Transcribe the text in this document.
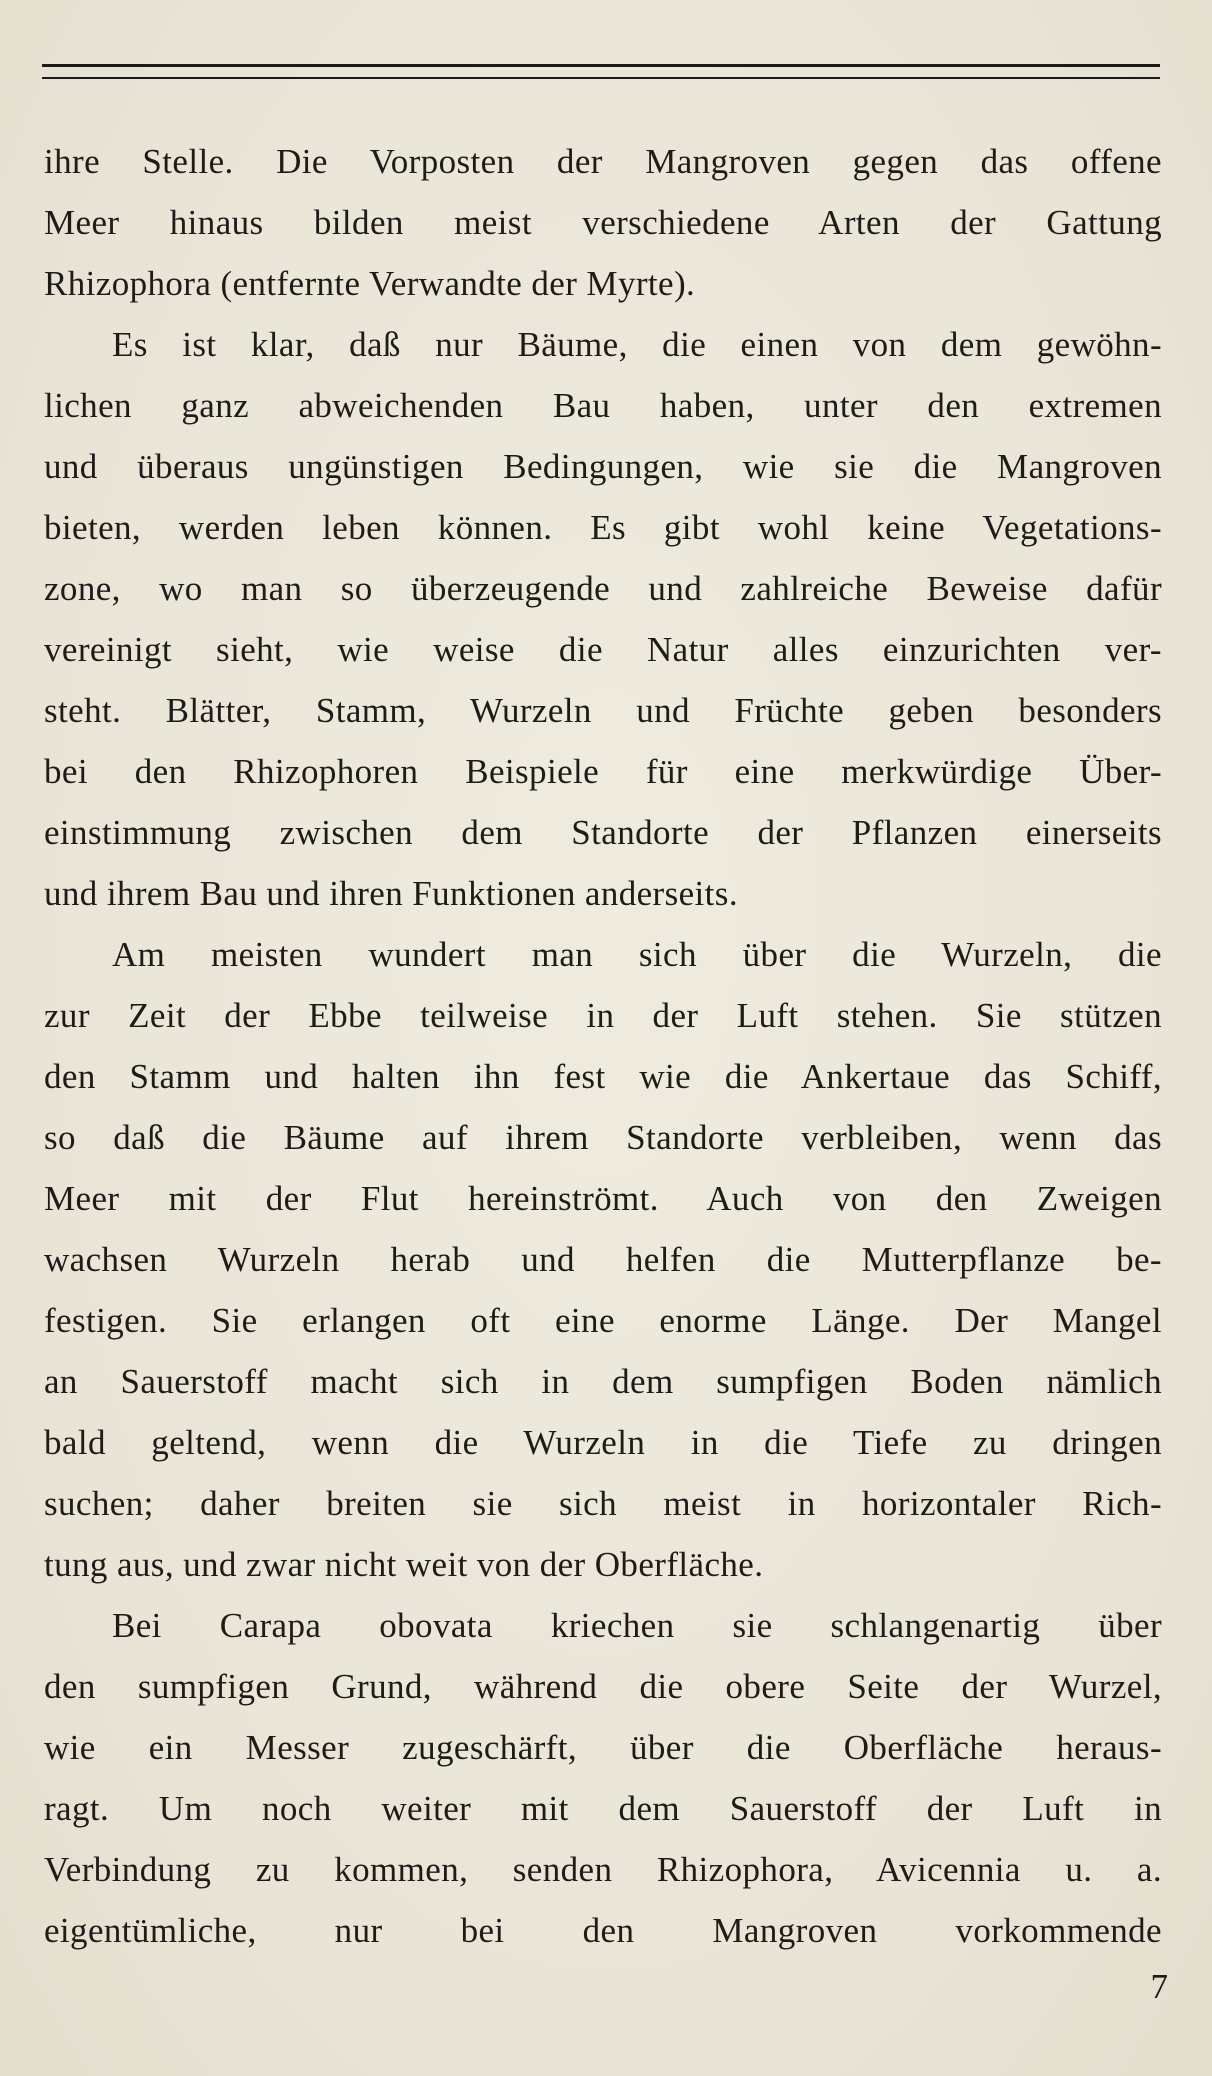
ihre Stelle. Die Vorposten der Mangroven gegen das offene
Meer hinaus bilden meist verschiedene Arten der Gattung
Rhizophora (entfernte Verwandte der Myrte).
Es ist klar, daß nur Bäume, die einen von dem gewöhn-
lichen ganz abweichenden Bau haben, unter den extremen
und überaus ungünstigen Bedingungen, wie sie die Mangroven
bieten, werden leben können. Es gibt wohl keine Vegetations-
zone, wo man so überzeugende und zahlreiche Beweise dafür
vereinigt sieht, wie weise die Natur alles einzurichten ver-
steht. Blätter, Stamm, Wurzeln und Früchte geben besonders
bei den Rhizophoren Beispiele für eine merkwürdige Über-
einstimmung zwischen dem Standorte der Pflanzen einerseits
und ihrem Bau und ihren Funktionen anderseits.
Am meisten wundert man sich über die Wurzeln, die
zur Zeit der Ebbe teilweise in der Luft stehen. Sie stützen
den Stamm und halten ihn fest wie die Ankertaue das Schiff,
so daß die Bäume auf ihrem Standorte verbleiben, wenn das
Meer mit der Flut hereinströmt. Auch von den Zweigen
wachsen Wurzeln herab und helfen die Mutterpflanze be-
festigen. Sie erlangen oft eine enorme Länge. Der Mangel
an Sauerstoff macht sich in dem sumpfigen Boden nämlich
bald geltend, wenn die Wurzeln in die Tiefe zu dringen
suchen; daher breiten sie sich meist in horizontaler Rich-
tung aus, und zwar nicht weit von der Oberfläche.
Bei Carapa obovata kriechen sie schlangenartig über
den sumpfigen Grund, während die obere Seite der Wurzel,
wie ein Messer zugeschärft, über die Oberfläche heraus-
ragt. Um noch weiter mit dem Sauerstoff der Luft in
Verbindung zu kommen, senden Rhizophora, Avicennia u. a.
eigentümliche, nur bei den Mangroven vorkommende
7
